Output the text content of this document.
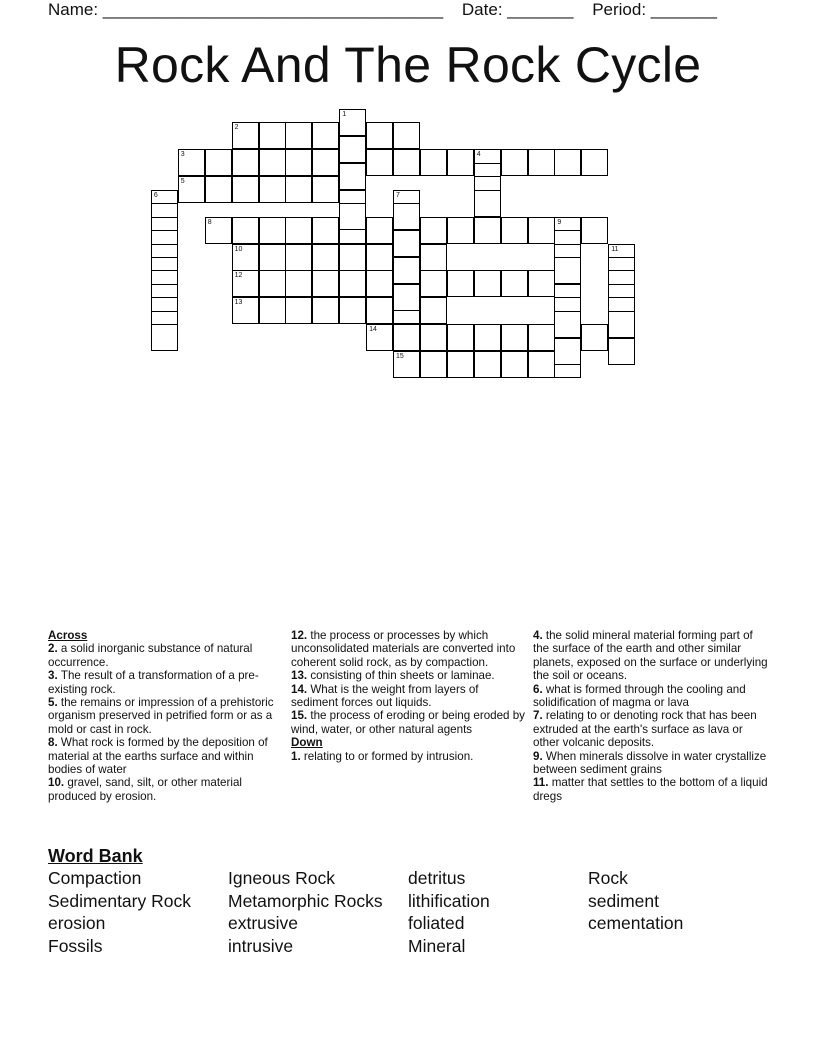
Name: ____________________________________ Date: _______ Period: _______
Rock And The Rock Cycle
2
3	4
5
8	9
10
12
13
14
15
1
6	7
11
Across
2. a solid inorganic substance of natural occurrence.
3. The result of a transformation of a pre-existing rock.
5. the remains or impression of a prehistoric organism preserved in petrified form or as a mold or cast in rock.
8. What rock is formed by the deposition of material at the earths surface and within bodies of water
10. gravel, sand, silt, or other material produced by erosion.
12. the process or processes by which unconsolidated materials are converted into coherent solid rock, as by compaction.
13. consisting of thin sheets or laminae.
14. What is the weight from layers of sediment forces out liquids.
15. the process of eroding or being eroded by wind, water, or other natural agents
Down
1. relating to or formed by intrusion.
4. the solid mineral material forming part of the surface of the earth and other similar planets, exposed on the surface or underlying the soil or oceans.
6. what is formed through the cooling and solidification of magma or lava
7. relating to or denoting rock that has been extruded at the earth's surface as lava or other volcanic deposits.
9. When minerals dissolve in water crystallize between sediment grains
11. matter that settles to the bottom of a liquid dregs
Word Bank
Compaction
Sedimentary Rock
erosion
Fossils
Igneous Rock
Metamorphic Rocks
extrusive
intrusive
detritus
lithification
foliated
Mineral
Rock
sediment
cementation
